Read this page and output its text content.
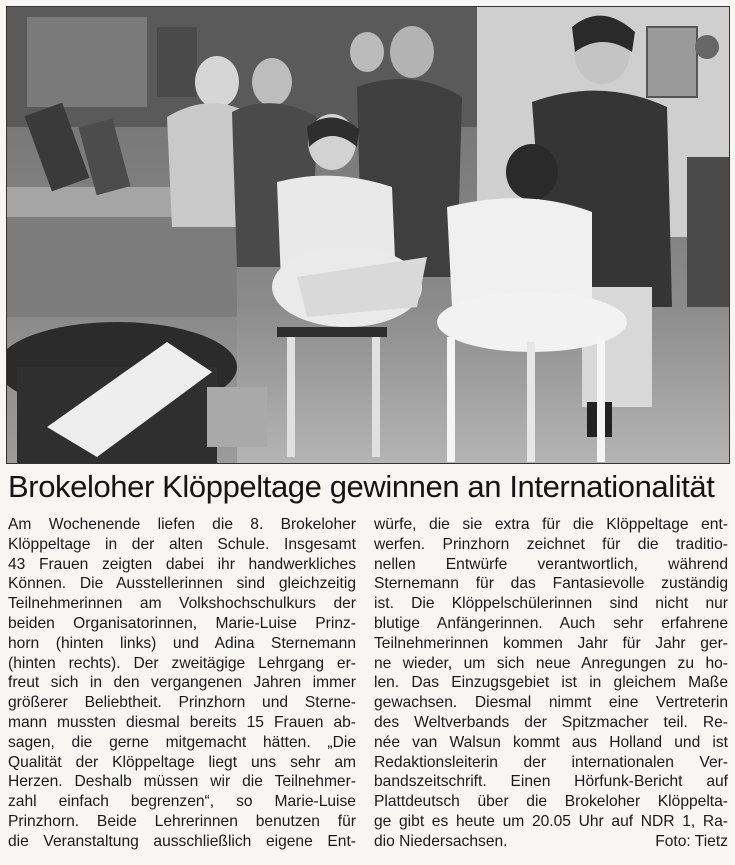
Brokeloher Klöppeltage gewinnen an Internationalität
Am Wochenende liefen die 8. Brokeloher
Klöppeltage in der alten Schule. Insgesamt
43 Frauen zeigten dabei ihr handwerkliches
Können. Die Ausstellerinnen sind gleichzeitig
Teilnehmerinnen am Volkshochschulkurs der
beiden Organisatorinnen, Marie-Luise Prinz-
horn (hinten links) und Adina Sternemann
(hinten rechts). Der zweitägige Lehrgang er-
freut sich in den vergangenen Jahren immer
größerer Beliebtheit. Prinzhorn und Sterne-
mann mussten diesmal bereits 15 Frauen ab-
sagen, die gerne mitgemacht hätten. „Die
Qualität der Klöppeltage liegt uns sehr am
Herzen. Deshalb müssen wir die Teilnehmer-
zahl einfach begrenzen“, so Marie-Luise
Prinzhorn. Beide Lehrerinnen benutzen für
die Veranstaltung ausschließlich eigene Ent-
würfe, die sie extra für die Klöppeltage ent-
werfen. Prinzhorn zeichnet für die traditio-
nellen Entwürfe verantwortlich, während
Sternemann für das Fantasievolle zuständig
ist. Die Klöppelschülerinnen sind nicht nur
blutige Anfängerinnen. Auch sehr erfahrene
Teilnehmerinnen kommen Jahr für Jahr ger-
ne wieder, um sich neue Anregungen zu ho-
len. Das Einzugsgebiet ist in gleichem Maße
gewachsen. Diesmal nimmt eine Vertreterin
des Weltverbands der Spitzmacher teil. Re-
née van Walsun kommt aus Holland und ist
Redaktionsleiterin der internationalen Ver-
bandszeitschrift. Einen Hörfunk-Bericht auf
Plattdeutsch über die Brokeloher Klöppelta-
ge gibt es heute um 20.05 Uhr auf NDR 1, Ra-
dio Niedersachsen.	Foto: Tietz
